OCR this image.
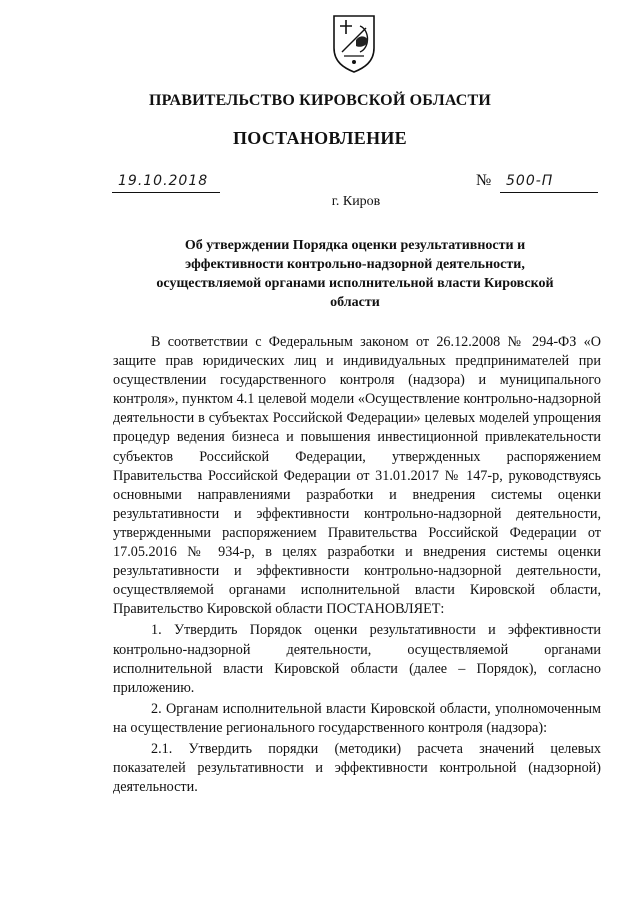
ПРАВИТЕЛЬСТВО КИРОВСКОЙ ОБЛАСТИ
ПОСТАНОВЛЕНИЕ
19.10.2018	№ 500-П
г. Киров
Об утверждении Порядка оценки результативности и эффективности контрольно-надзорной деятельности, осуществляемой органами исполнительной власти Кировской области

В соответствии с Федеральным законом от 26.12.2008 № 294-ФЗ «О защите прав юридических лиц и индивидуальных предпринимателей при осуществлении государственного контроля (надзора) и муниципального контроля», пунктом 4.1 целевой модели «Осуществление контрольно-надзорной деятельности в субъектах Российской Федерации» целевых моделей упрощения процедур ведения бизнеса и повышения инвестиционной привлекательности субъектов Российской Федерации, утвержденных распоряжением Правительства Российской Федерации от 31.01.2017 № 147-р, руководствуясь основными направлениями разработки и внедрения системы оценки результативности и эффективности контрольно-надзорной деятельности, утвержденными распоряжением Правительства Российской Федерации от 17.05.2016 № 934-р, в целях разработки и внедрения системы оценки результативности и эффективности контрольно-надзорной деятельности, осуществляемой органами исполнительной власти Кировской области, Правительство Кировской области ПОСТАНОВЛЯЕТ:

1. Утвердить Порядок оценки результативности и эффективности контрольно-надзорной деятельности, осуществляемой органами исполнительной власти Кировской области (далее – Порядок), согласно приложению.

2. Органам исполнительной власти Кировской области, уполномоченным на осуществление регионального государственного контроля (надзора):

2.1. Утвердить порядки (методики) расчета значений целевых показателей результативности и эффективности контрольной (надзорной) деятельности.
